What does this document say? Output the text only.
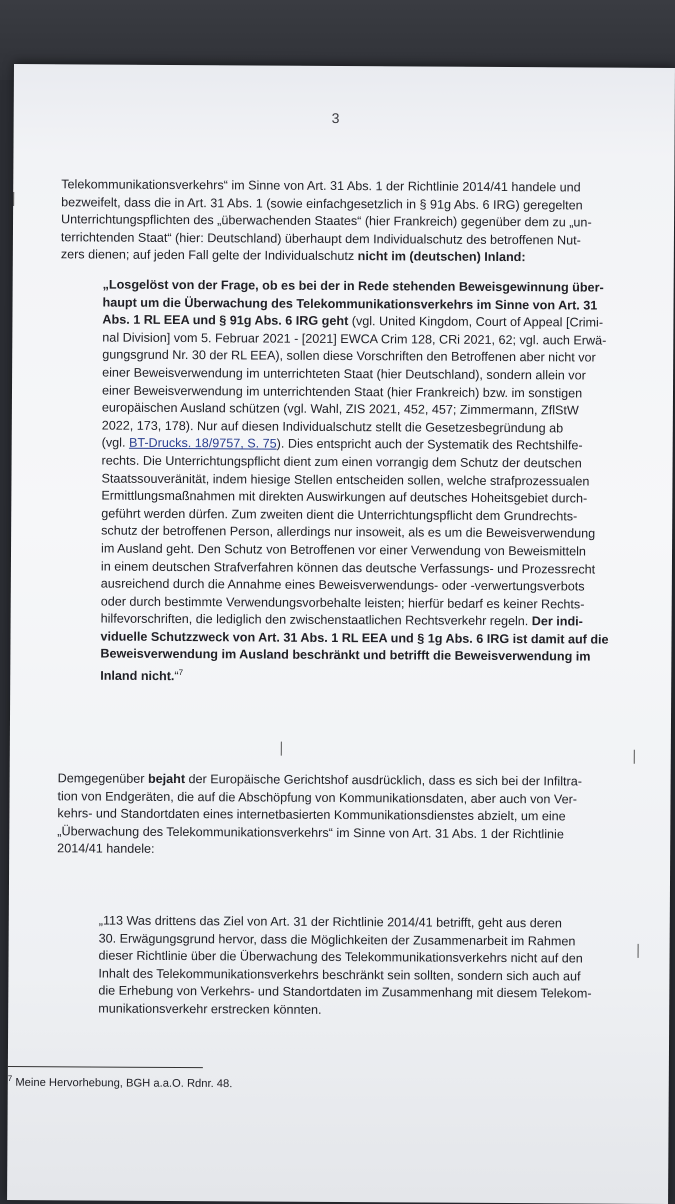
3
Telekommunikationsverkehrs“ im Sinne von Art. 31 Abs. 1 der Richtlinie 2014/41 handele und
bezweifelt, dass die in Art. 31 Abs. 1 (sowie einfachgesetzlich in § 91g Abs. 6 IRG) geregelten
Unterrichtungspflichten des „überwachenden Staates“ (hier Frankreich) gegenüber dem zu „un-
terrichtenden Staat“ (hier: Deutschland) überhaupt dem Individualschutz des betroffenen Nut-
zers dienen; auf jeden Fall gelte der Individualschutz nicht im (deutschen) Inland:
„Losgelöst von der Frage, ob es bei der in Rede stehenden Beweisgewinnung über-
haupt um die Überwachung des Telekommunikationsverkehrs im Sinne von Art. 31
Abs. 1 RL EEA und § 91g Abs. 6 IRG geht (vgl. United Kingdom, Court of Appeal [Crimi-
nal Division] vom 5. Februar 2021 - [2021] EWCA Crim 128, CRi 2021, 62; vgl. auch Erwä-
gungsgrund Nr. 30 der RL EEA), sollen diese Vorschriften den Betroffenen aber nicht vor
einer Beweisverwendung im unterrichteten Staat (hier Deutschland), sondern allein vor
einer Beweisverwendung im unterrichtenden Staat (hier Frankreich) bzw. im sonstigen
europäischen Ausland schützen (vgl. Wahl, ZIS 2021, 452, 457; Zimmermann, ZflStW
2022, 173, 178). Nur auf diesen Individualschutz stellt die Gesetzesbegründung ab
(vgl. BT-Drucks. 18/9757, S. 75). Dies entspricht auch der Systematik des Rechtshilfe-
rechts. Die Unterrichtungspflicht dient zum einen vorrangig dem Schutz der deutschen
Staatssouveränität, indem hiesige Stellen entscheiden sollen, welche strafprozessualen
Ermittlungsmaßnahmen mit direkten Auswirkungen auf deutsches Hoheitsgebiet durch-
geführt werden dürfen. Zum zweiten dient die Unterrichtungspflicht dem Grundrechts-
schutz der betroffenen Person, allerdings nur insoweit, als es um die Beweisverwendung
im Ausland geht. Den Schutz von Betroffenen vor einer Verwendung von Beweismitteln
in einem deutschen Strafverfahren können das deutsche Verfassungs- und Prozessrecht
ausreichend durch die Annahme eines Beweisverwendungs- oder -verwertungsverbots
oder durch bestimmte Verwendungsvorbehalte leisten; hierfür bedarf es keiner Rechts-
hilfevorschriften, die lediglich den zwischenstaatlichen Rechtsverkehr regeln. Der indi-
viduelle Schutzzweck von Art. 31 Abs. 1 RL EEA und § 1g Abs. 6 IRG ist damit auf die
Beweisverwendung im Ausland beschränkt und betrifft die Beweisverwendung im
Inland nicht.“$^7$
Demgegenüber bejaht der Europäische Gerichtshof ausdrücklich, dass es sich bei der Infiltra-
tion von Endgeräten, die auf die Abschöpfung von Kommunikationsdaten, aber auch von Ver-
kehrs- und Standortdaten eines internetbasierten Kommunikationsdienstes abzielt, um eine
„Überwachung des Telekommunikationsverkehrs“ im Sinne von Art. 31 Abs. 1 der Richtlinie
2014/41 handele:
„113 Was drittens das Ziel von Art. 31 der Richtlinie 2014/41 betrifft, geht aus deren
30. Erwägungsgrund hervor, dass die Möglichkeiten der Zusammenarbeit im Rahmen
dieser Richtlinie über die Überwachung des Telekommunikationsverkehrs nicht auf den
Inhalt des Telekommunikationsverkehrs beschränkt sein sollten, sondern sich auch auf
die Erhebung von Verkehrs- und Standortdaten im Zusammenhang mit diesem Telekom-
munikationsverkehr erstrecken könnten.
$^7$ Meine Hervorhebung, BGH a.a.O. Rdnr. 48.
